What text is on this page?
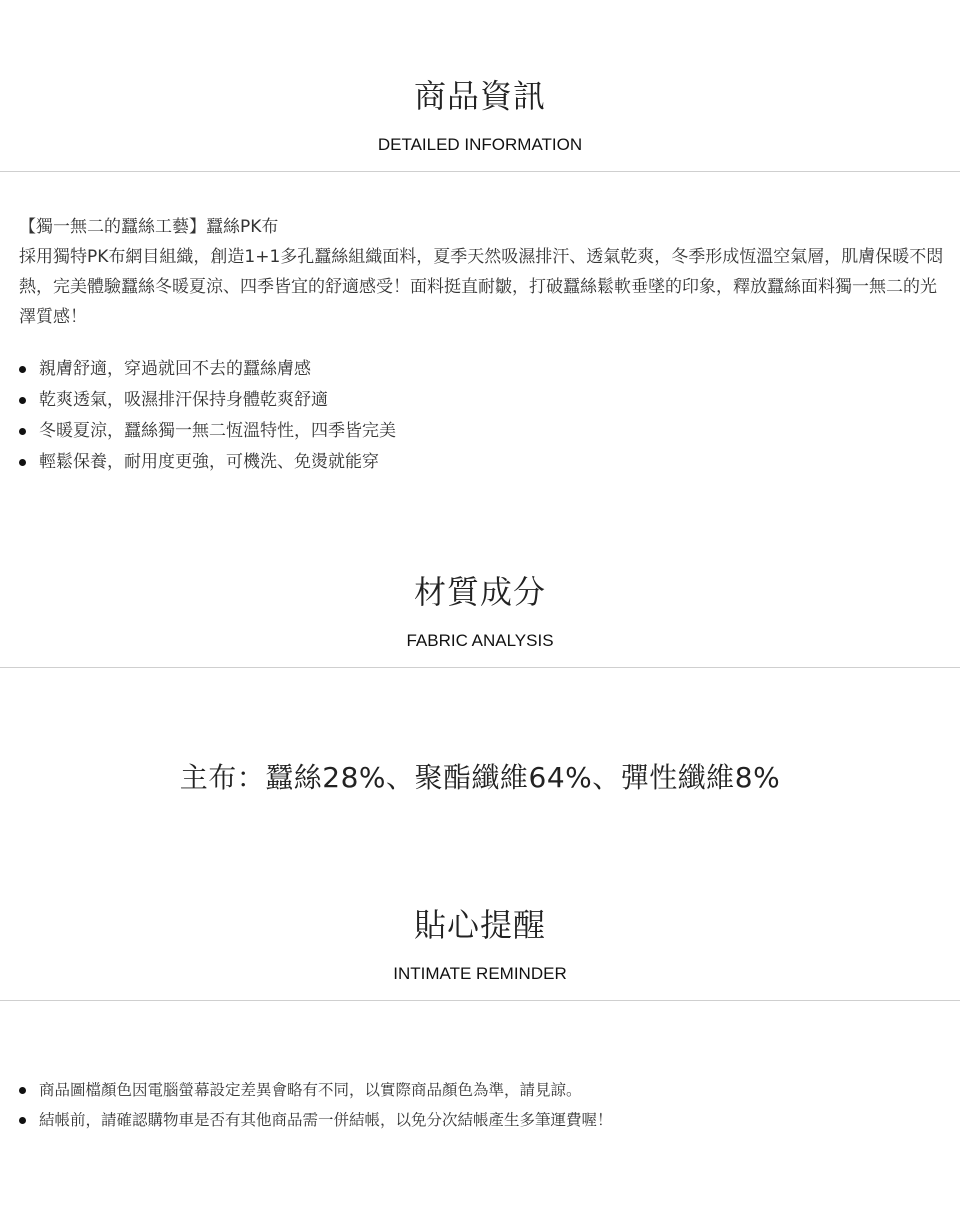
商品資訊
DETAILED INFORMATION

【獨一無二的蠶絲工藝】蠶絲PK布

採用獨特PK布網目組織，創造1+1多孔蠶絲組織面料，夏季天然吸濕排汗、透氣乾爽，冬季形成恆溫空氣層，肌膚保暖不悶熱，完美體驗蠶絲冬暖夏涼、四季皆宜的舒適感受！面料挺直耐皺，打破蠶絲鬆軟垂墜的印象，釋放蠶絲面料獨一無二的光澤質感！

親膚舒適，穿過就回不去的蠶絲膚感
乾爽透氣，吸濕排汗保持身體乾爽舒適
冬暖夏涼，蠶絲獨一無二恆溫特性，四季皆完美
輕鬆保養，耐用度更強，可機洗、免燙就能穿
材質成分
FABRIC ANALYSIS
主布：蠶絲28%、聚酯纖維64%、彈性纖維8%
貼心提醒
INTIMATE REMINDER
商品圖檔顏色因電腦螢幕設定差異會略有不同，以實際商品顏色為準，請見諒。
結帳前，請確認購物車是否有其他商品需一併結帳，以免分次結帳產生多筆運費喔！
